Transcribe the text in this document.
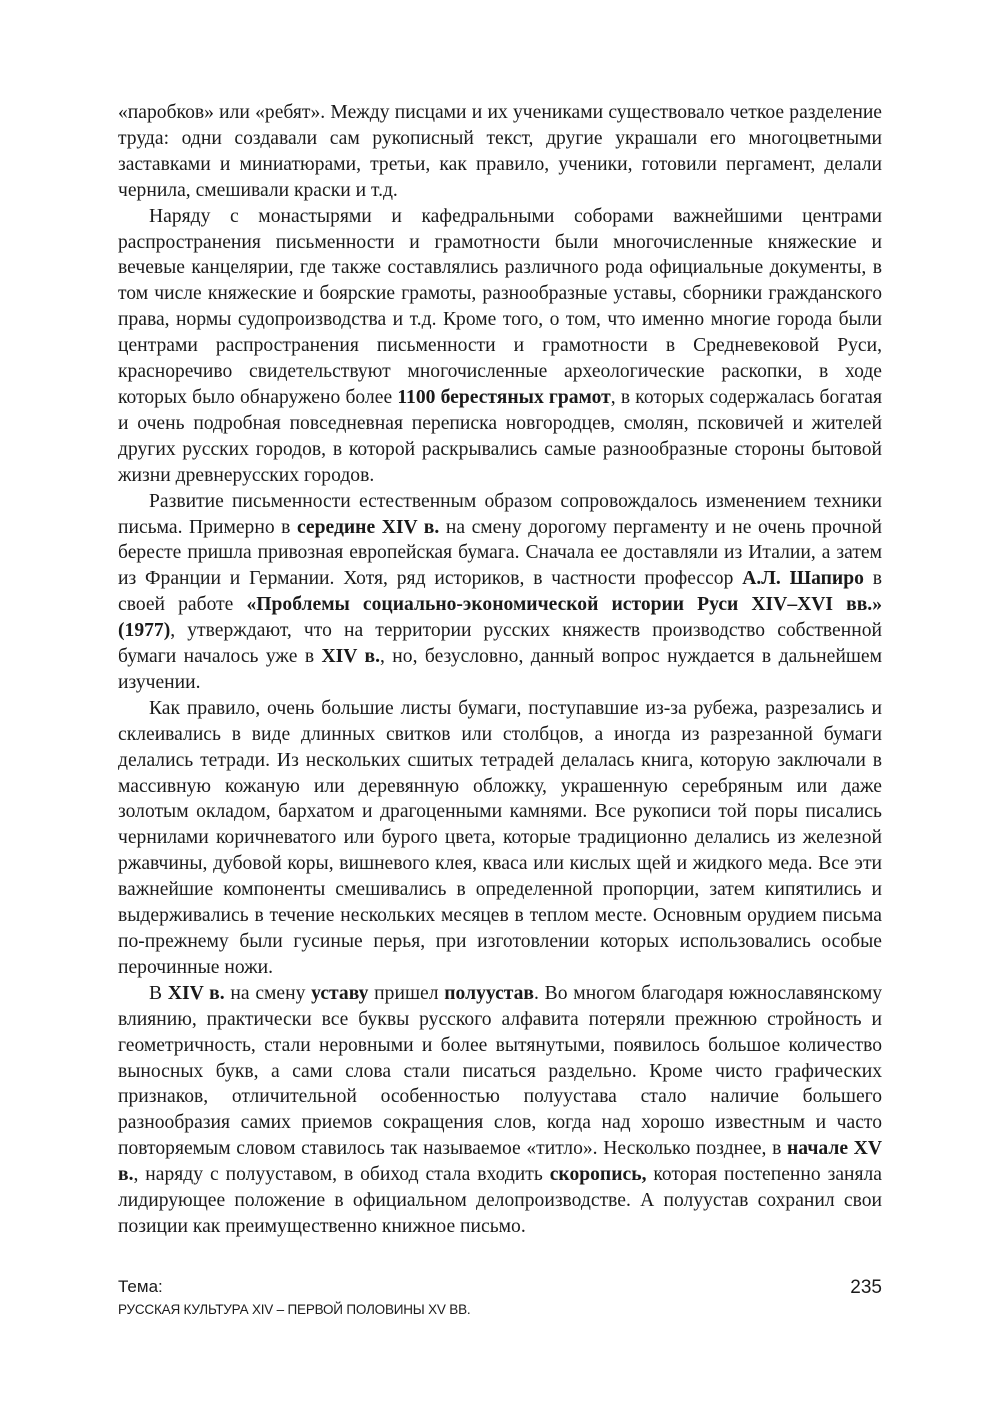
«паробков» или «ребят». Между писцами и их учениками существовало четкое разделение труда: одни создавали сам рукописный текст, другие украшали его многоцветными заставками и миниатюрами, третьи, как правило, ученики, готовили пергамент, делали чернила, смешивали краски и т.д.

Наряду с монастырями и кафедральными соборами важнейшими центрами распространения письменности и грамотности были многочисленные княжеские и вечевые канцелярии, где также составлялись различного рода официальные документы, в том числе княжеские и боярские грамоты, разнообразные уставы, сборники гражданского права, нормы судопроизводства и т.д. Кроме того, о том, что именно многие города были центрами распространения письменности и грамотности в Средневековой Руси, красноречиво свидетельствуют многочисленные археологические раскопки, в ходе которых было обнаружено более 1100 берестяных грамот, в которых содержалась богатая и очень подробная повседневная переписка новгородцев, смолян, псковичей и жителей других русских городов, в которой раскрывались самые разнообразные стороны бытовой жизни древнерусских городов.

Развитие письменности естественным образом сопровождалось изменением техники письма. Примерно в середине XIV в. на смену дорогому пергаменту и не очень прочной бересте пришла привозная европейская бумага. Сначала ее доставляли из Италии, а затем из Франции и Германии. Хотя, ряд историков, в частности профессор А.Л. Шапиро в своей работе «Проблемы социально-экономической истории Руси XIV–XVI вв.» (1977), утверждают, что на территории русских княжеств производство собственной бумаги началось уже в XIV в., но, безусловно, данный вопрос нуждается в дальнейшем изучении.

Как правило, очень большие листы бумаги, поступавшие из-за рубежа, разрезались и склеивались в виде длинных свитков или столбцов, а иногда из разрезанной бумаги делались тетради. Из нескольких сшитых тетрадей делалась книга, которую заключали в массивную кожаную или деревянную обложку, украшенную серебряным или даже золотым окладом, бархатом и драгоценными камнями. Все рукописи той поры писались чернилами коричневатого или бурого цвета, которые традиционно делались из железной ржавчины, дубовой коры, вишневого клея, кваса или кислых щей и жидкого меда. Все эти важнейшие компоненты смешивались в определенной пропорции, затем кипятились и выдерживались в течение нескольких месяцев в теплом месте. Основным орудием письма по-прежнему были гусиные перья, при изготовлении которых использовались особые перочинные ножи.

В XIV в. на смену уставу пришел полуустав. Во многом благодаря южнославянскому влиянию, практически все буквы русского алфавита потеряли прежнюю стройность и геометричность, стали неровными и более вытянутыми, появилось большое количество выносных букв, а сами слова стали писаться раздельно. Кроме чисто графических признаков, отличительной особенностью полуустава стало наличие большего разнообразия самих приемов сокращения слов, когда над хорошо известным и часто повторяемым словом ставилось так называемое «титло». Несколько позднее, в начале XV в., наряду с полууставом, в обиход стала входить скоропись, которая постепенно заняла лидирующее положение в официальном делопроизводстве. А полуустав сохранил свои позиции как преимущественно книжное письмо.

Тема:
РУССКАЯ КУЛЬТУРА XIV – ПЕРВОЙ ПОЛОВИНЫ XV ВВ.
235
